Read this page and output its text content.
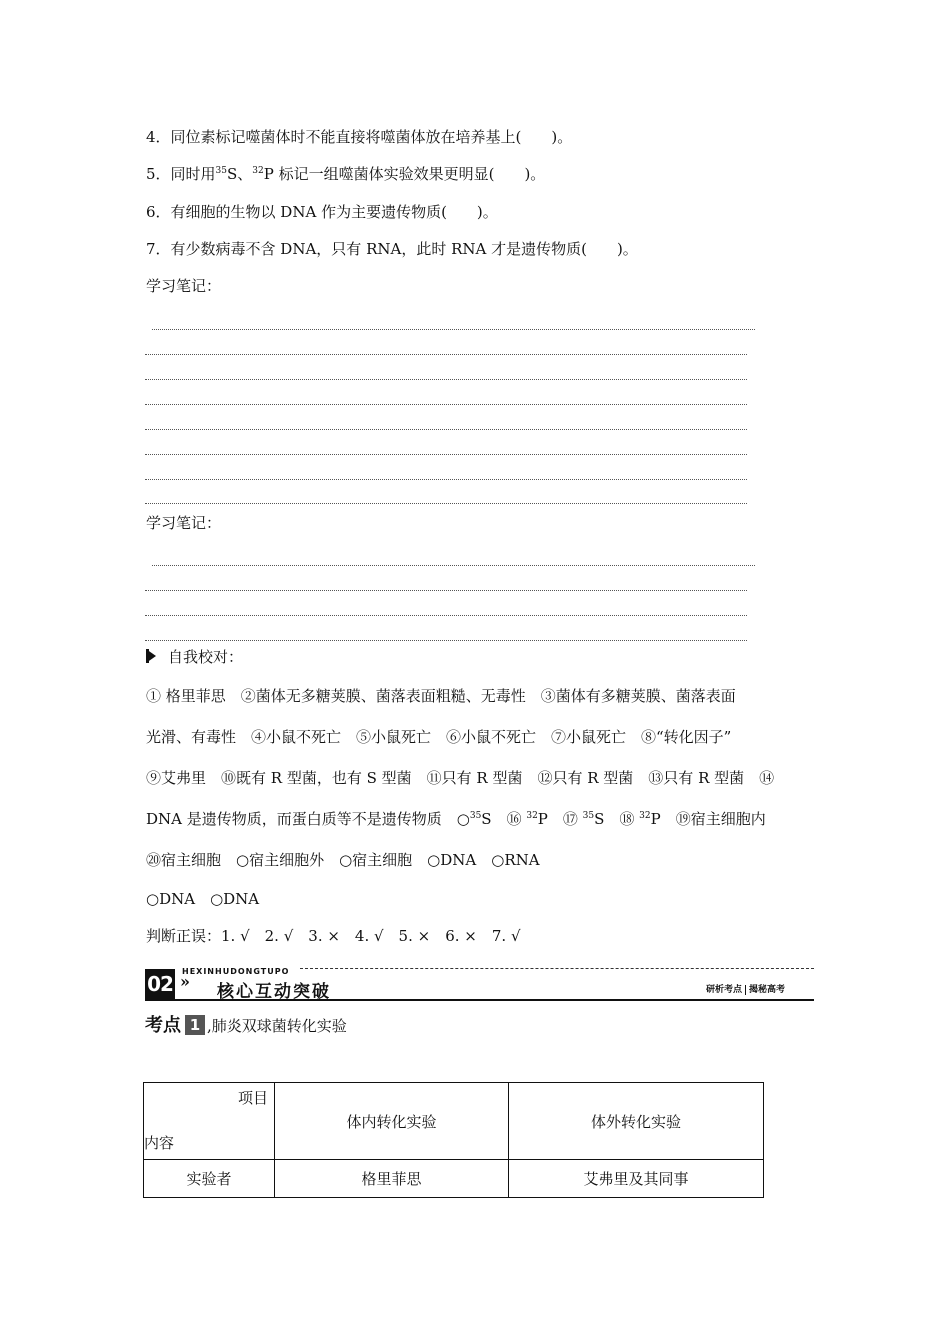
4．同位素标记噬菌体时不能直接将噬菌体放在培养基上(　　)。
5．同时用$^{35}$S、$^{32}$P 标记一组噬菌体实验效果更明显(　　)。
6．有细胞的生物以 DNA 作为主要遗传物质(　　)。
7．有少数病毒不含 DNA，只有 RNA，此时 RNA 才是遗传物质(　　)。
学习笔记：
学习笔记：
自我校对：
① 格里菲思　②菌体无多糖荚膜、菌落表面粗糙、无毒性　③菌体有多糖荚膜、菌落表面
光滑、有毒性　④小鼠不死亡　⑤小鼠死亡　⑥小鼠不死亡　⑦小鼠死亡　⑧“转化因子”
⑨艾弗里　⑩既有 R 型菌，也有 S 型菌　⑪只有 R 型菌　⑫只有 R 型菌　⑬只有 R 型菌　⑭
DNA 是遗传物质，而蛋白质等不是遗传物质　○$^{35}$S　⑯ $^{32}$P　⑰ $^{35}$S　⑱ $^{32}$P　⑲宿主细胞内
⑳宿主细胞　○宿主细胞外　○宿主细胞　○DNA　○RNA
○DNA　○DNA
判断正误：1. √　2. √　3. ×　4. √　5. ×　6. ×　7. √
02
HEXINHUDONGTUPO
»
核心互动突破	研析考点 揭秘高考
考点 1 ,肺炎双球菌转化实验
项目
内容	体内转化实验	体外转化实验
实验者	格里菲思	艾弗里及其同事
